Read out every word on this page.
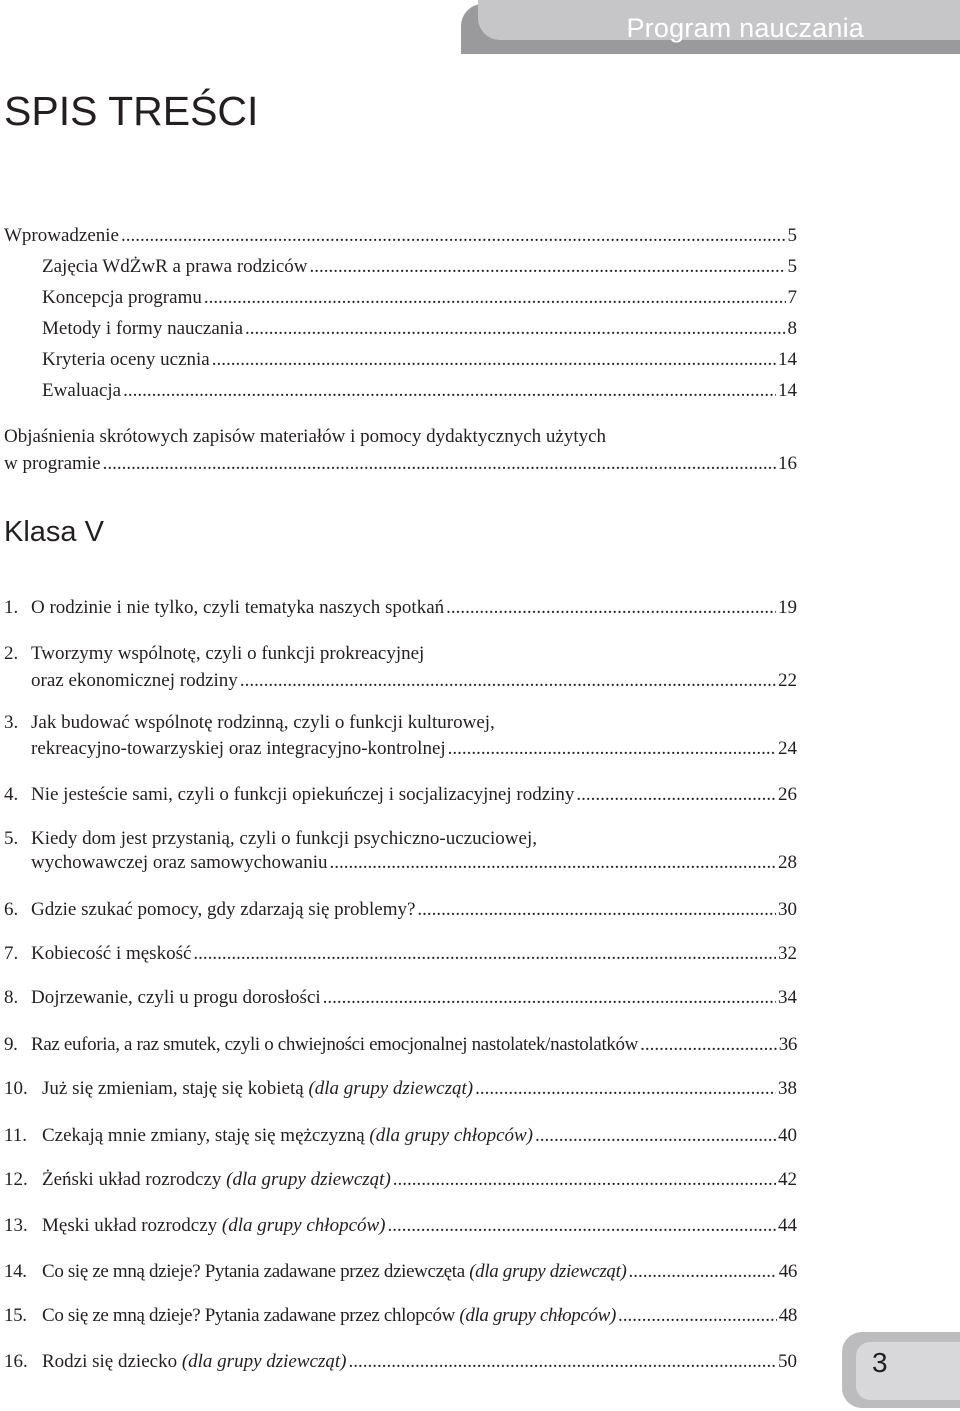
Program nauczania
SPIS TREŚCI
Wprowadzenie .....	5
Zajęcia WdŻwR a prawa rodziców .....	5
Koncepcja programu .....	7
Metody i formy nauczania .....	8
Kryteria oceny ucznia .....	14
Ewaluacja .....	14
Objaśnienia skrótowych zapisów materiałów i pomocy dydaktycznych użytych
w programie .....	16
Klasa V
1. O rodzinie i nie tylko, czyli tematyka naszych spotkań .....	19
2. Tworzymy wspólnotę, czyli o funkcji prokreacyjnej
oraz ekonomicznej rodziny .....	22
3. Jak budować wspólnotę rodzinną, czyli o funkcji kulturowej,
rekreacyjno-towarzyskiej oraz integracyjno-kontrolnej .....	24
4. Nie jesteście sami, czyli o funkcji opiekuńczej i socjalizacyjnej rodziny .....	26
5. Kiedy dom jest przystanią, czyli o funkcji psychiczno-uczuciowej,
wychowawczej oraz samowychowaniu .....	28
6. Gdzie szukać pomocy, gdy zdarzają się problemy? .....	30
7. Kobiecość i męskość .....	32
8. Dojrzewanie, czyli u progu dorosłości .....	34
9. Raz euforia, a raz smutek, czyli o chwiejności emocjonalnej nastolatek/nastolatków .....	36
10. Już się zmieniam, staję się kobietą
(dla grupy dziewcząt) .....	38
11. Czekają mnie zmiany, staję się mężczyzną
(dla grupy chłopców) .....	40
12. Żeński układ rozrodczy
(dla grupy dziewcząt) .....	42
13. Męski układ rozrodczy
(dla grupy chłopców) .....	44
14. Co się ze mną dzieje? Pytania zadawane przez dziewczęta
(dla grupy dziewcząt) .....	46
15. Co się ze mną dzieje? Pytania zadawane przez chlopców
(dla grupy chłopców) .....	48
16. Rodzi się dziecko
(dla grupy dziewcząt) .....	50	3
